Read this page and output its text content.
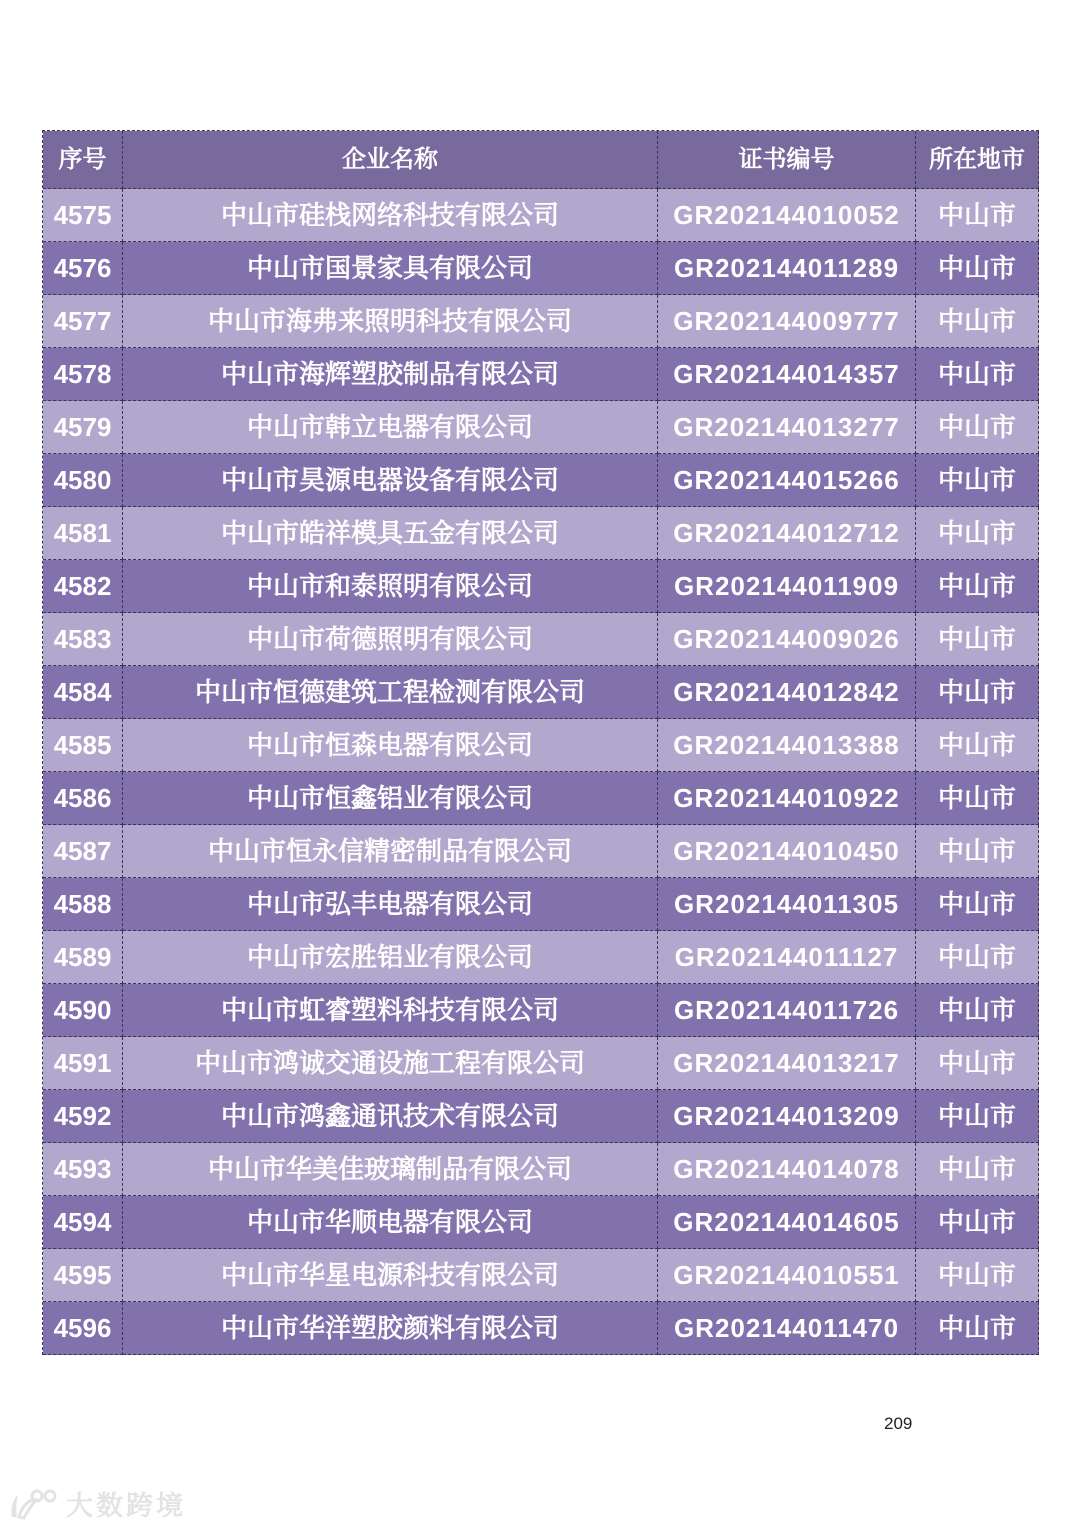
序号	企业名称	证书编号	所在地市
4575	中山市硅栈网络科技有限公司	GR202144010052	中山市
4576	中山市国景家具有限公司	GR202144011289	中山市
4577	中山市海弗来照明科技有限公司	GR202144009777	中山市
4578	中山市海辉塑胶制品有限公司	GR202144014357	中山市
4579	中山市韩立电器有限公司	GR202144013277	中山市
4580	中山市昊源电器设备有限公司	GR202144015266	中山市
4581	中山市皓祥模具五金有限公司	GR202144012712	中山市
4582	中山市和泰照明有限公司	GR202144011909	中山市
4583	中山市荷德照明有限公司	GR202144009026	中山市
4584	中山市恒德建筑工程检测有限公司	GR202144012842	中山市
4585	中山市恒森电器有限公司	GR202144013388	中山市
4586	中山市恒鑫铝业有限公司	GR202144010922	中山市
4587	中山市恒永信精密制品有限公司	GR202144010450	中山市
4588	中山市弘丰电器有限公司	GR202144011305	中山市
4589	中山市宏胜铝业有限公司	GR202144011127	中山市
4590	中山市虹睿塑料科技有限公司	GR202144011726	中山市
4591	中山市鸿诚交通设施工程有限公司	GR202144013217	中山市
4592	中山市鸿鑫通讯技术有限公司	GR202144013209	中山市
4593	中山市华美佳玻璃制品有限公司	GR202144014078	中山市
4594	中山市华顺电器有限公司	GR202144014605	中山市
4595	中山市华星电源科技有限公司	GR202144010551	中山市
4596	中山市华洋塑胶颜料有限公司	GR202144011470	中山市
209
大数跨境
